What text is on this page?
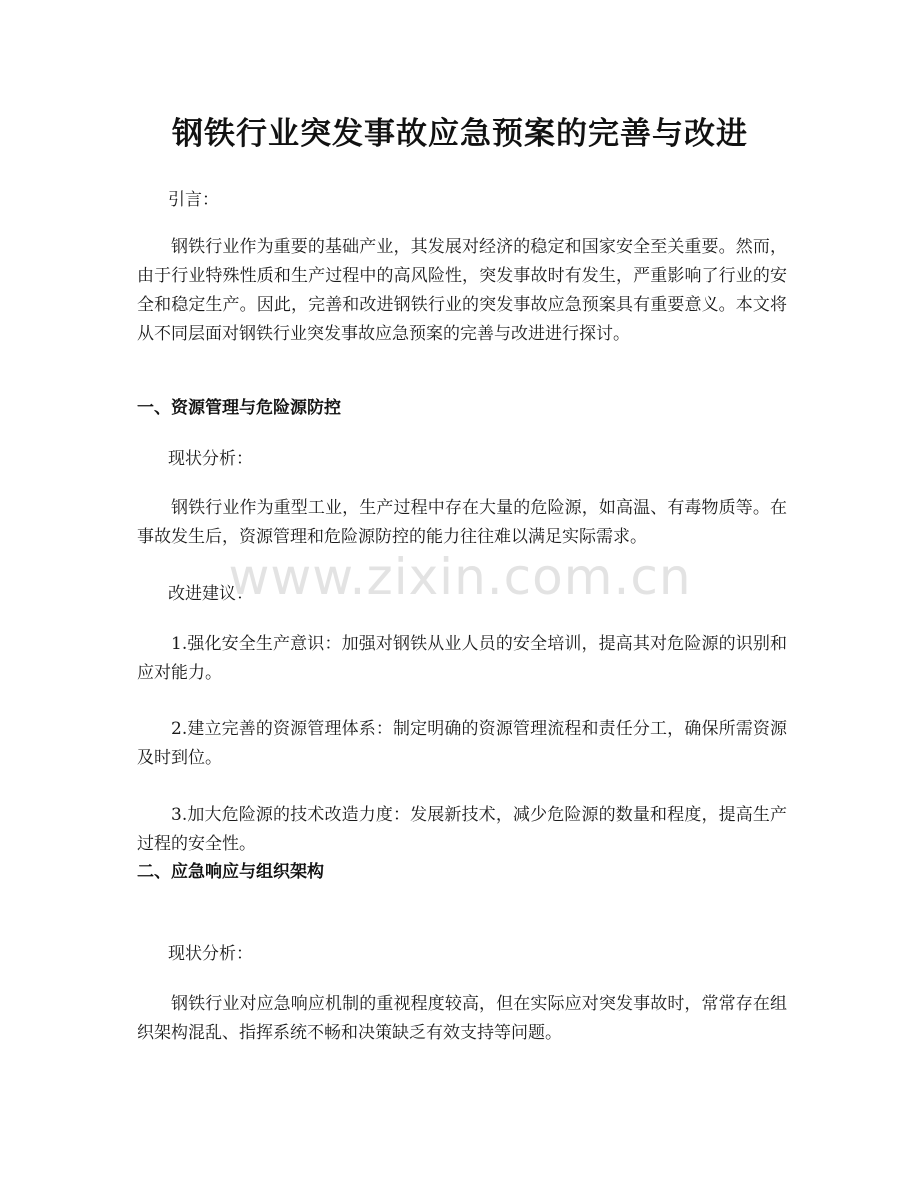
钢铁行业突发事故应急预案的完善与改进
引言：

钢铁行业作为重要的基础产业，其发展对经济的稳定和国家安全至关重要。然而，由于行业特殊性质和生产过程中的高风险性，突发事故时有发生，严重影响了行业的安全和稳定生产。因此，完善和改进钢铁行业的突发事故应急预案具有重要意义。本文将从不同层面对钢铁行业突发事故应急预案的完善与改进进行探讨。

一、资源管理与危险源防控
现状分析：

钢铁行业作为重型工业，生产过程中存在大量的危险源，如高温、有毒物质等。在事故发生后，资源管理和危险源防控的能力往往难以满足实际需求。

改进建议：

1.强化安全生产意识：加强对钢铁从业人员的安全培训，提高其对危险源的识别和应对能力。

2.建立完善的资源管理体系：制定明确的资源管理流程和责任分工，确保所需资源及时到位。

3.加大危险源的技术改造力度：发展新技术，减少危险源的数量和程度，提高生产过程的安全性。

二、应急响应与组织架构
现状分析：

钢铁行业对应急响应机制的重视程度较高，但在实际应对突发事故时，常常存在组织架构混乱、指挥系统不畅和决策缺乏有效支持等问题。

www.zixin.com.cn
